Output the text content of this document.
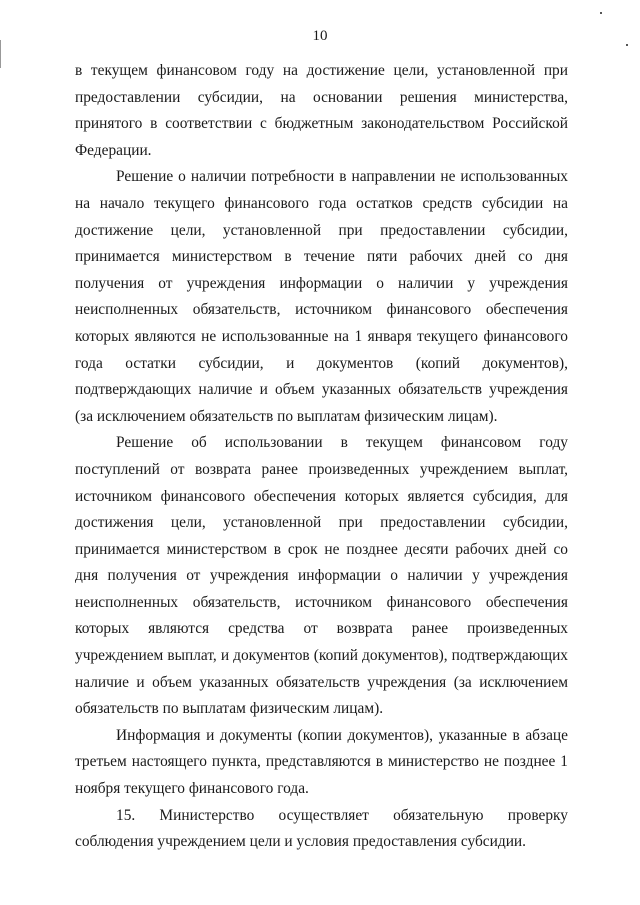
10

в текущем финансовом году на достижение цели, установленной при предоставлении субсидии, на основании решения министерства, принятого в соответствии с бюджетным законодательством Российской Федерации.

Решение о наличии потребности в направлении не использованных на начало текущего финансового года остатков средств субсидии на достижение цели, установленной при предоставлении субсидии, принимается министерством в течение пяти рабочих дней со дня получения от учреждения информации о наличии у учреждения неисполненных обязательств, источником финансового обеспечения которых являются не использованные на 1 января текущего финансового года остатки субсидии, и документов (копий документов), подтверждающих наличие и объем указанных обязательств учреждения (за исключением обязательств по выплатам физическим лицам).

Решение об использовании в текущем финансовом году поступлений от возврата ранее произведенных учреждением выплат, источником финансового обеспечения которых является субсидия, для достижения цели, установленной при предоставлении субсидии, принимается министерством в срок не позднее десяти рабочих дней со дня получения от учреждения информации о наличии у учреждения неисполненных обязательств, источником финансового обеспечения которых являются средства от возврата ранее произведенных учреждением выплат, и документов (копий документов), подтверждающих наличие и объем указанных обязательств учреждения (за исключением обязательств по выплатам физическим лицам).

Информация и документы (копии документов), указанные в абзаце третьем настоящего пункта, представляются в министерство не позднее 1 ноября текущего финансового года.

15. Министерство осуществляет обязательную проверку соблюдения учреждением цели и условия предоставления субсидии.
